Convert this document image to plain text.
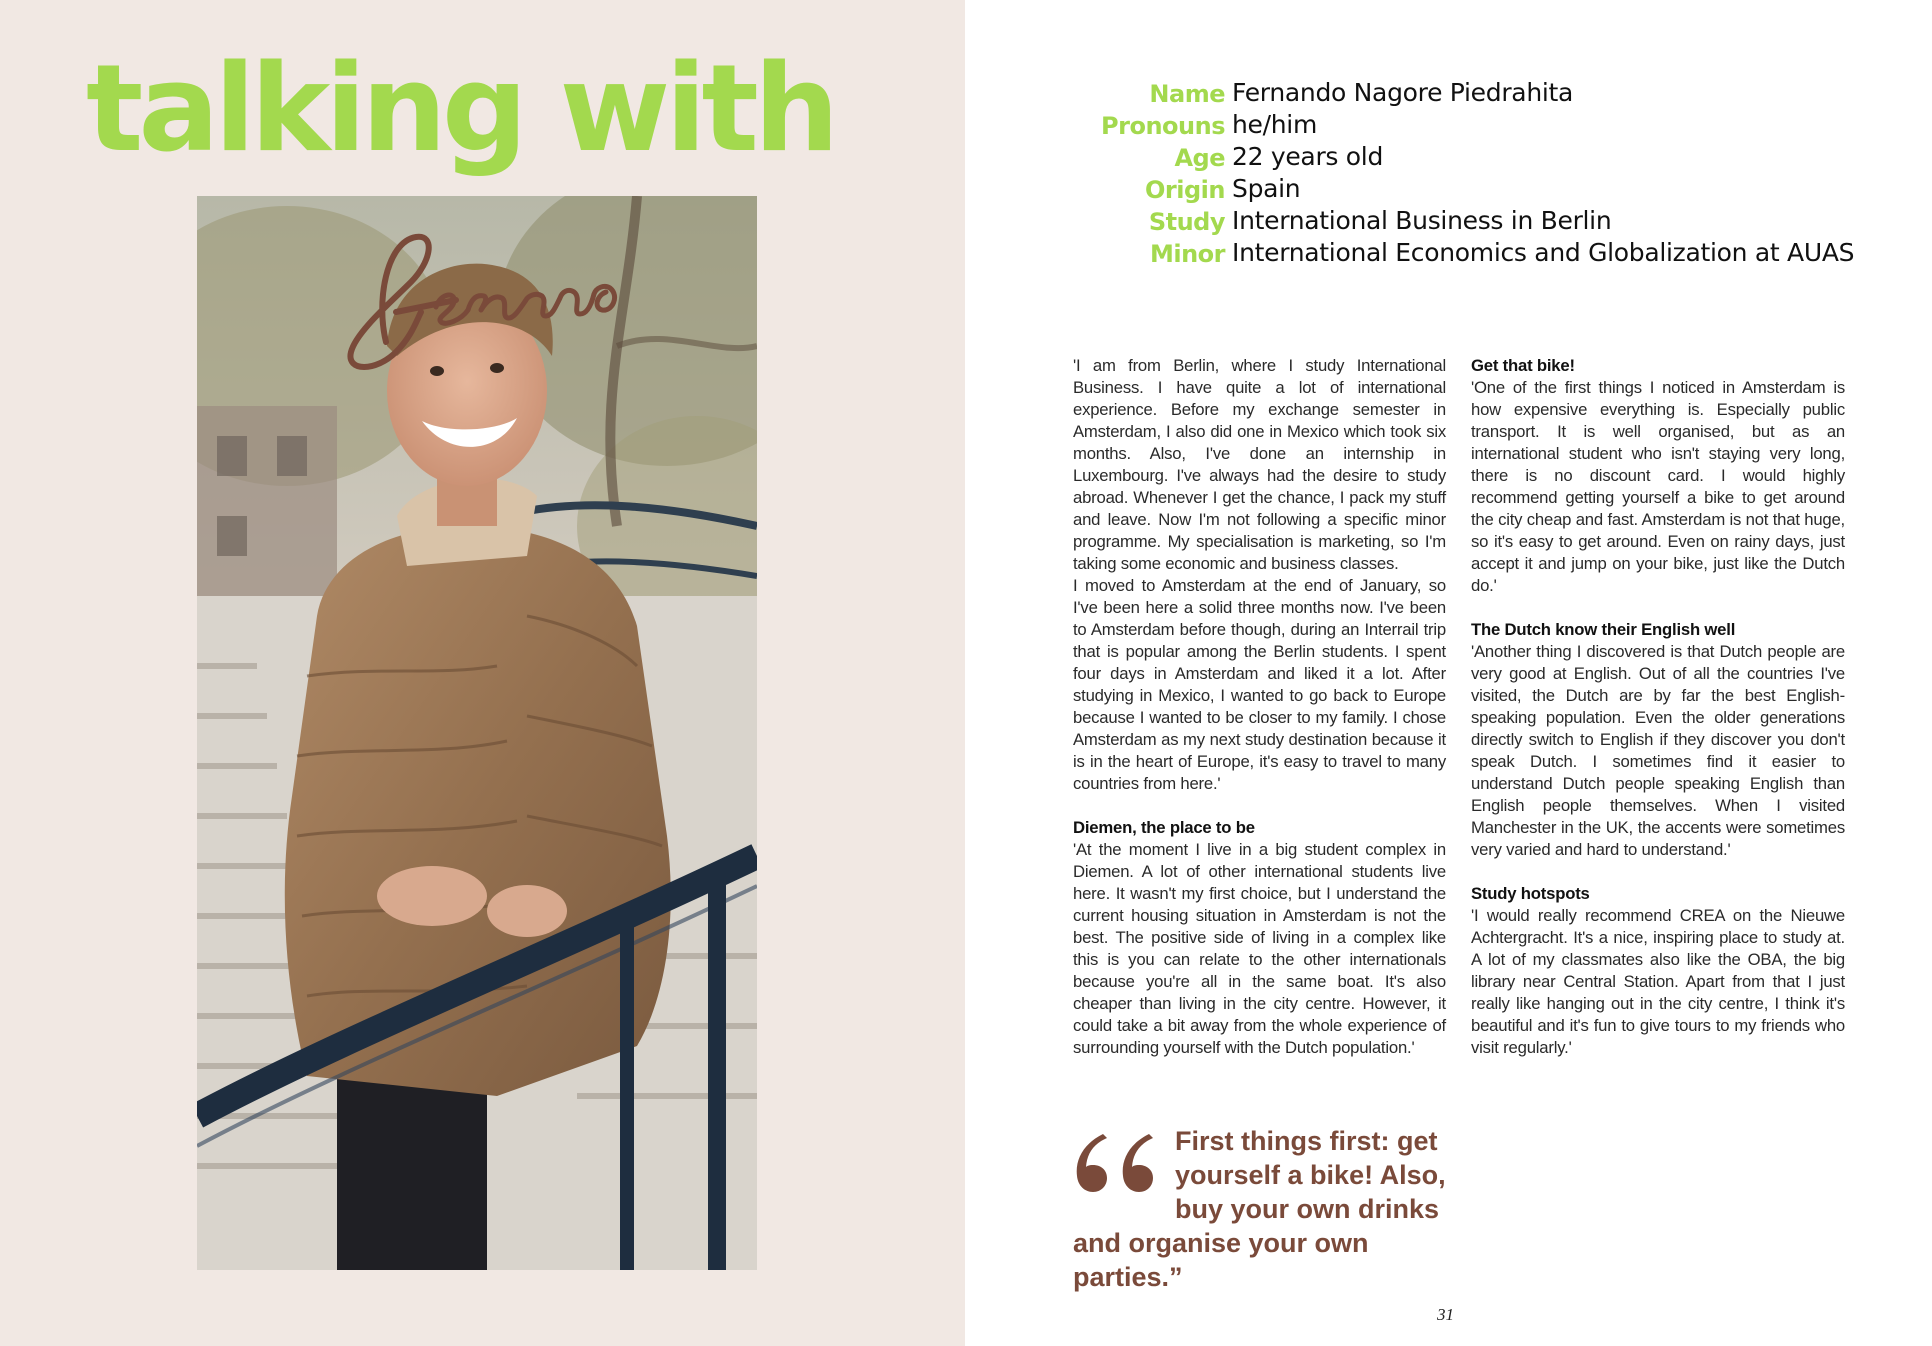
talking with	Name Fernando Nagore Piedrahita
Pronouns he/him
Age 22 years old
Origin Spain
Study International Business in Berlin
Minor International Economics and Globalization at AUAS

'I am from Berlin, where I study International Business. I have quite a lot of international experience. Before my exchange semester in Amsterdam, I also did one in Mexico which took six months. Also, I've done an internship in Luxembourg. I've always had the desire to study abroad. Whenever I get the chance, I pack my stuff and leave. Now I'm not following a specific minor programme. My specialisation is marketing, so I'm taking some economic and business classes.

I moved to Amsterdam at the end of January, so I've been here a solid three months now. I've been to Amsterdam before though, during an Interrail trip that is popular among the Berlin students. I spent four days in Amsterdam and liked it a lot. After studying in Mexico, I wanted to go back to Europe because I wanted to be closer to my family. I chose Amsterdam as my next study destination because it is in the heart of Europe, it's easy to travel to many countries from here.'

Diemen, the place to be

'At the moment I live in a big student complex in Diemen. A lot of other international students live here. It wasn't my first choice, but I understand the current housing situation in Amsterdam is not the best. The positive side of living in a complex like this is you can relate to the other internationals because you're all in the same boat. It's also cheaper than living in the city centre. However, it could take a bit away from the whole experience of surrounding yourself with the Dutch population.'

Get that bike!

'One of the first things I noticed in Amsterdam is how expensive everything is. Especially public transport. It is well organised, but as an international student who isn't staying very long, there is no discount card. I would highly recommend getting yourself a bike to get around the city cheap and fast. Amsterdam is not that huge, so it's easy to get around. Even on rainy days, just accept it and jump on your bike, just like the Dutch do.'

The Dutch know their English well

'Another thing I discovered is that Dutch people are very good at English. Out of all the countries I've visited, the Dutch are by far the best English-speaking population. Even the older generations directly switch to English if they discover you don't speak Dutch. I sometimes find it easier to understand Dutch people speaking English than English people themselves. When I visited Manchester in the UK, the accents were sometimes very varied and hard to understand.'

Study hotspots

'I would really recommend CREA on the Nieuwe Achtergracht. It's a nice, inspiring place to study at. A lot of my classmates also like the OBA, the big library near Central Station. Apart from that I just really like hanging out in the city centre, I think it's beautiful and it's fun to give tours to my friends who visit regularly.'

First things first: get yourself a bike! Also, buy your own drinks and organise your own parties.”
31
